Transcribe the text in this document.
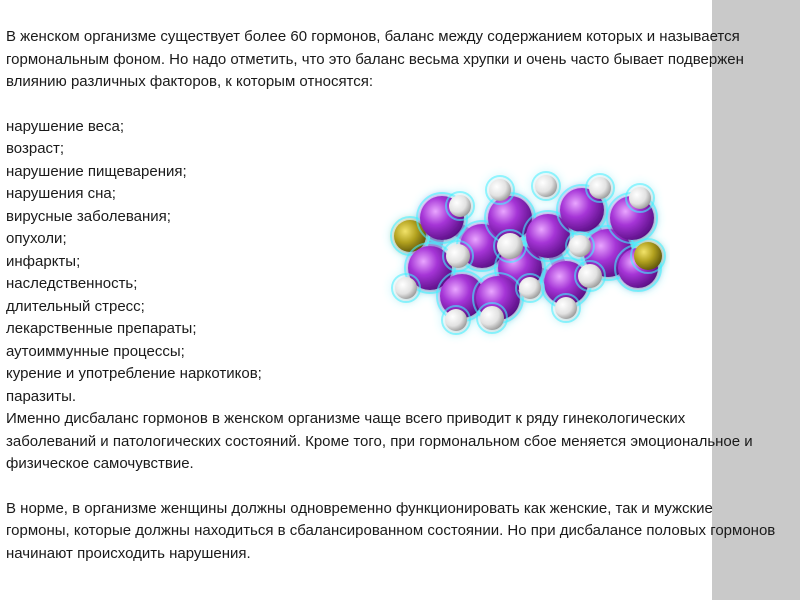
В женском организме существует более 60 гормонов, баланс между содержанием которых и называется гормональным фоном. Но надо отметить, что это баланс весьма хрупки и очень часто бывает подвержен влиянию различных факторов, к которым относятся:

нарушение веса;
возраст;
нарушение пищеварения;
нарушения сна;
вирусные заболевания;
опухоли;
инфаркты;
наследственность;
длительный стресс;
лекарственные препараты;
аутоиммунные процессы;
курение и употребление наркотиков;
паразиты.

Именно дисбаланс гормонов в женском организме чаще всего приводит к ряду гинекологических заболеваний и патологических состояний. Кроме того, при гормональном сбое меняется эмоциональное и физическое самочувствие.

В норме, в организме женщины должны одновременно функционировать как женские, так и мужские гормоны, которые должны находиться в сбалансированном состоянии. Но при дисбалансе половых гормонов начинают происходить нарушения.
